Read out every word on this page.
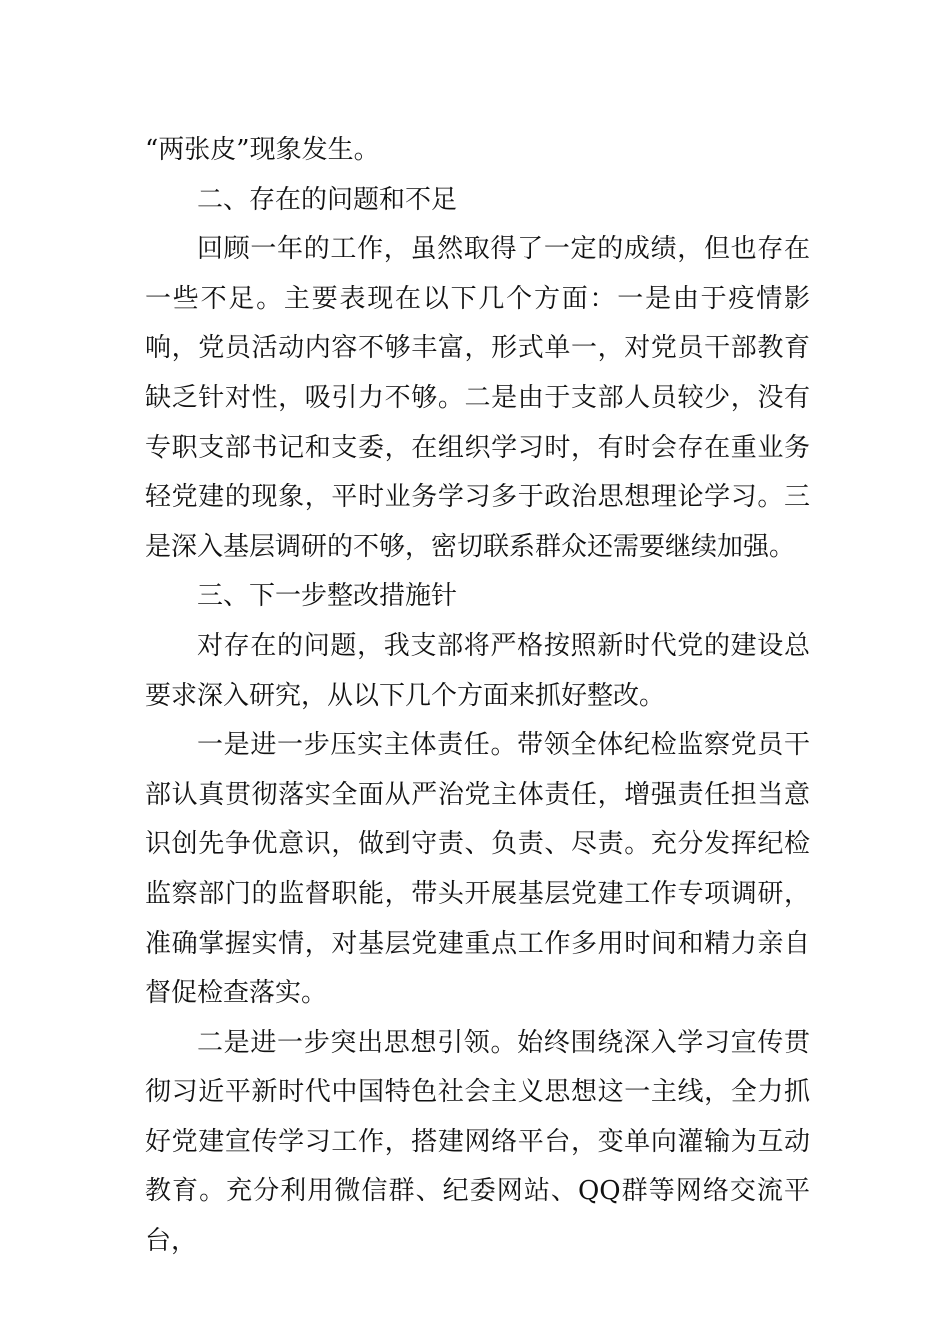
“两张皮”现象发生。

二、存在的问题和不足

回顾一年的工作，虽然取得了一定的成绩，但也存在一些不足。主要表现在以下几个方面：一是由于疫情影响，党员活动内容不够丰富，形式单一，对党员干部教育缺乏针对性，吸引力不够。二是由于支部人员较少，没有专职支部书记和支委，在组织学习时，有时会存在重业务轻党建的现象，平时业务学习多于政治思想理论学习。三是深入基层调研的不够，密切联系群众还需要继续加强。

三、下一步整改措施针

对存在的问题，我支部将严格按照新时代党的建设总要求深入研究，从以下几个方面来抓好整改。

一是进一步压实主体责任。带领全体纪检监察党员干部认真贯彻落实全面从严治党主体责任，增强责任担当意识创先争优意识，做到守责、负责、尽责。充分发挥纪检监察部门的监督职能，带头开展基层党建工作专项调研，准确掌握实情，对基层党建重点工作多用时间和精力亲自督促检查落实。

二是进一步突出思想引领。始终围绕深入学习宣传贯彻习近平新时代中国特色社会主义思想这一主线，全力抓好党建宣传学习工作，搭建网络平台，变单向灌输为互动教育。充分利用微信群、纪委网站、QQ群等网络交流平台，
